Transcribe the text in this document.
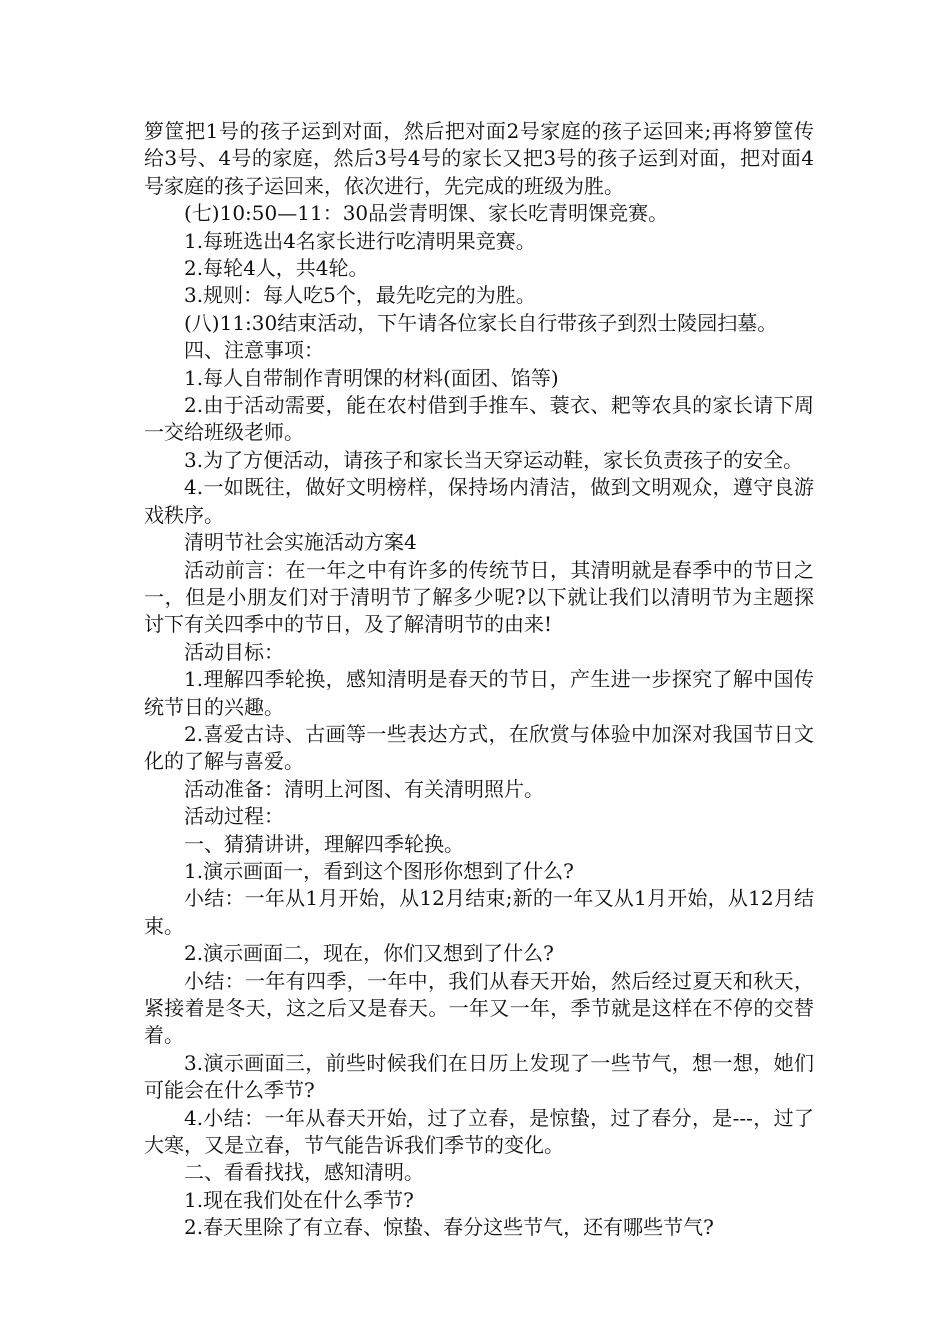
箩筐把1号的孩子运到对面，然后把对面2号家庭的孩子运回来;再将箩筐传给3号、4号的家庭，然后3号4号的家长又把3号的孩子运到对面，把对面4号家庭的孩子运回来，依次进行，先完成的班级为胜。

(七)10:50—11：30品尝青明馃、家长吃青明馃竞赛。

1.每班选出4名家长进行吃清明果竞赛。

2.每轮4人，共4轮。

3.规则：每人吃5个，最先吃完的为胜。

(八)11:30结束活动，下午请各位家长自行带孩子到烈士陵园扫墓。

四、注意事项：

1.每人自带制作青明馃的材料(面团、馅等)

2.由于活动需要，能在农村借到手推车、蓑衣、耙等农具的家长请下周一交给班级老师。

3.为了方便活动，请孩子和家长当天穿运动鞋，家长负责孩子的安全。

4.一如既往，做好文明榜样，保持场内清洁，做到文明观众，遵守良游戏秩序。

清明节社会实施活动方案4

活动前言：在一年之中有许多的传统节日，其清明就是春季中的节日之一，但是小朋友们对于清明节了解多少呢?以下就让我们以清明节为主题探讨下有关四季中的节日，及了解清明节的由来!

活动目标：

1.理解四季轮换，感知清明是春天的节日，产生进一步探究了解中国传统节日的兴趣。

2.喜爱古诗、古画等一些表达方式，在欣赏与体验中加深对我国节日文化的了解与喜爱。

活动准备：清明上河图、有关清明照片。

活动过程：

一、猜猜讲讲，理解四季轮换。

1.演示画面一，看到这个图形你想到了什么?

小结：一年从1月开始，从12月结束;新的一年又从1月开始，从12月结束。

2.演示画面二，现在，你们又想到了什么?

小结：一年有四季，一年中，我们从春天开始，然后经过夏天和秋天，紧接着是冬天，这之后又是春天。一年又一年，季节就是这样在不停的交替着。

3.演示画面三，前些时候我们在日历上发现了一些节气，想一想，她们可能会在什么季节?

4.小结：一年从春天开始，过了立春，是惊蛰，过了春分，是---，过了大寒，又是立春，节气能告诉我们季节的变化。

二、看看找找，感知清明。

1.现在我们处在什么季节?

2.春天里除了有立春、惊蛰、春分这些节气，还有哪些节气?
